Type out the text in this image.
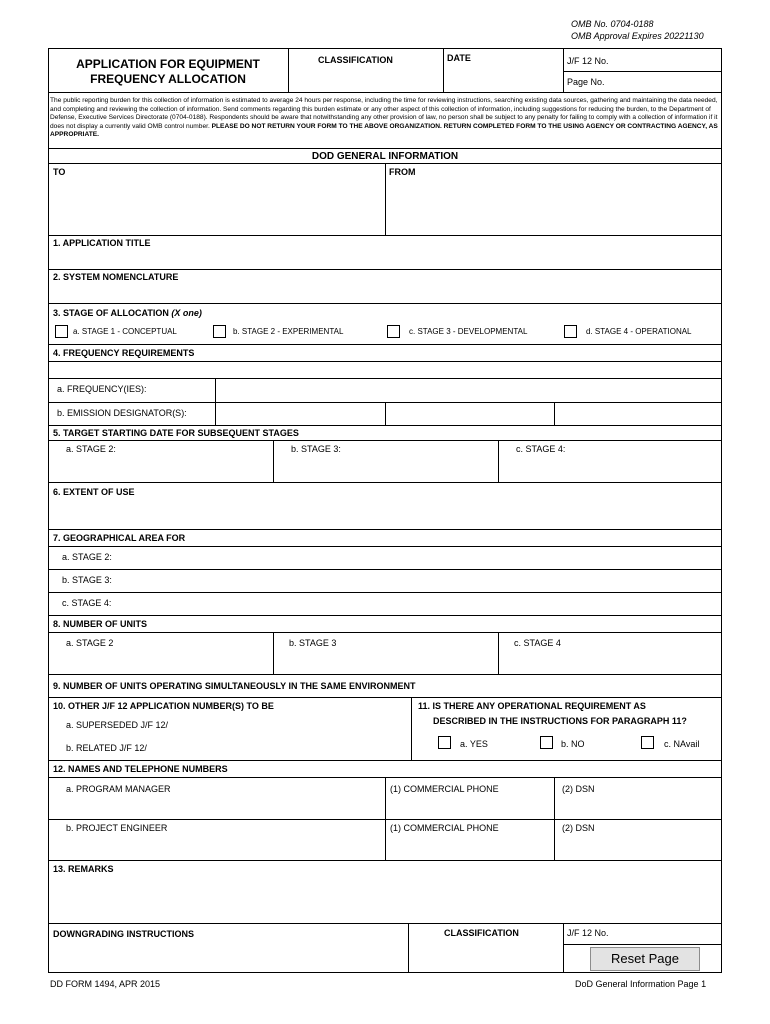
OMB No. 0704-0188
OMB Approval Expires 20221130
APPLICATION FOR EQUIPMENT
FREQUENCY ALLOCATION
CLASSIFICATION	DATE	J/F 12 No.
Page No.
The public reporting burden for this collection of information is estimated to average 24 hours per response, including the time for reviewing instructions, searching existing data sources, gathering and maintaining the data needed, and completing and reviewing the collection of information. Send comments regarding this burden estimate or any other aspect of this collection of information, including suggestions for reducing the burden, to the Department of Defense, Executive Services Directorate (0704-0188). Respondents should be aware that notwithstanding any other provision of law, no person shall be subject to any penalty for failing to comply with a collection of information if it does not display a currently valid OMB control number. PLEASE DO NOT RETURN YOUR FORM TO THE ABOVE ORGANIZATION. RETURN COMPLETED FORM TO THE USING AGENCY OR CONTRACTING AGENCY, AS APPROPRIATE.
DOD GENERAL INFORMATION
TO	FROM
1. APPLICATION TITLE
2. SYSTEM NOMENCLATURE
3. STAGE OF ALLOCATION (X one)
a. STAGE 1 - CONCEPTUAL	b. STAGE 2 - EXPERIMENTAL	c. STAGE 3 - DEVELOPMENTAL	d. STAGE 4 - OPERATIONAL
4. FREQUENCY REQUIREMENTS
a. FREQUENCY(IES):
b. EMISSION DESIGNATOR(S):
5. TARGET STARTING DATE FOR SUBSEQUENT STAGES
a. STAGE 2:	b. STAGE 3:	c. STAGE 4:
6. EXTENT OF USE
7. GEOGRAPHICAL AREA FOR
a. STAGE 2:
b. STAGE 3:
c. STAGE 4:
8. NUMBER OF UNITS
a. STAGE 2	b. STAGE 3	c. STAGE 4
9. NUMBER OF UNITS OPERATING SIMULTANEOUSLY IN THE SAME ENVIRONMENT
10. OTHER J/F 12 APPLICATION NUMBER(S) TO BE
a. SUPERSEDED J/F 12/
b. RELATED J/F 12/
11. IS THERE ANY OPERATIONAL REQUIREMENT AS
DESCRIBED IN THE INSTRUCTIONS FOR PARAGRAPH 11?
a. YES	b. NO	c. NAvail
12. NAMES AND TELEPHONE NUMBERS
a. PROGRAM MANAGER	(1) COMMERCIAL PHONE	(2) DSN
b. PROJECT ENGINEER	(1) COMMERCIAL PHONE	(2) DSN
13. REMARKS
DOWNGRADING INSTRUCTIONS	CLASSIFICATION	J/F 12 No.
Reset Page
DD FORM 1494, APR 2015	DoD General Information Page 1
